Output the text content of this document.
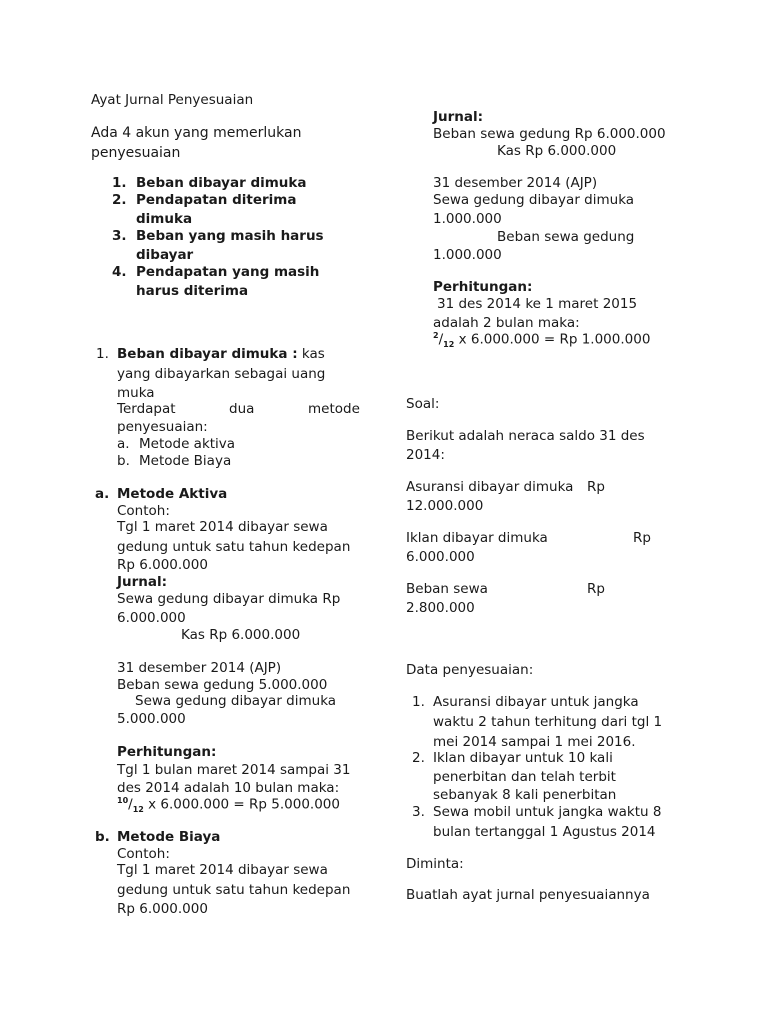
Ayat Jurnal Penyesuaian
Ada 4 akun yang memerlukan
penyesuaian
1. Beban dibayar dimuka
2. Pendapatan diterima
dimuka
3. Beban yang masih harus
dibayar
4. Pendapatan yang masih
harus diterima
1. Beban dibayar dimuka : kas
yang dibayarkan sebagai uang
muka
Terdapat	dua	metode
penyesuaian:
a. Metode aktiva
b. Metode Biaya
a. Metode Aktiva
Contoh:
Tgl 1 maret 2014 dibayar sewa
gedung untuk satu tahun kedepan
Rp 6.000.000
Jurnal:
Sewa gedung dibayar dimuka Rp
6.000.000
Kas Rp 6.000.000
31 desember 2014 (AJP)
Beban sewa gedung 5.000.000
Sewa gedung dibayar dimuka
5.000.000
Perhitungan:
Tgl 1 bulan maret 2014 sampai 31
des 2014 adalah 10 bulan maka:
$^{10}/_{12}$ x 6.000.000 = Rp 5.000.000
b. Metode Biaya
Contoh:
Tgl 1 maret 2014 dibayar sewa
gedung untuk satu tahun kedepan
Rp 6.000.000
Jurnal:
Beban sewa gedung Rp 6.000.000
Kas Rp 6.000.000
31 desember 2014 (AJP)
Sewa gedung dibayar dimuka
1.000.000
Beban sewa gedung
1.000.000
Perhitungan:
31 des 2014 ke 1 maret 2015
adalah 2 bulan maka:
$^2/_{12}$ x 6.000.000 = Rp 1.000.000
Soal:
Berikut adalah neraca saldo 31 des
2014:
Asuransi dibayar dimuka Rp
12.000.000
Iklan dibayar dimuka	Rp
6.000.000
Beban sewa	Rp
2.800.000
Data penyesuaian:
1. Asuransi dibayar untuk jangka
waktu 2 tahun terhitung dari tgl 1
mei 2014 sampai 1 mei 2016.
2. Iklan dibayar untuk 10 kali
penerbitan dan telah terbit
sebanyak 8 kali penerbitan
3. Sewa mobil untuk jangka waktu 8
bulan tertanggal 1 Agustus 2014
Diminta:
Buatlah ayat jurnal penyesuaiannya
